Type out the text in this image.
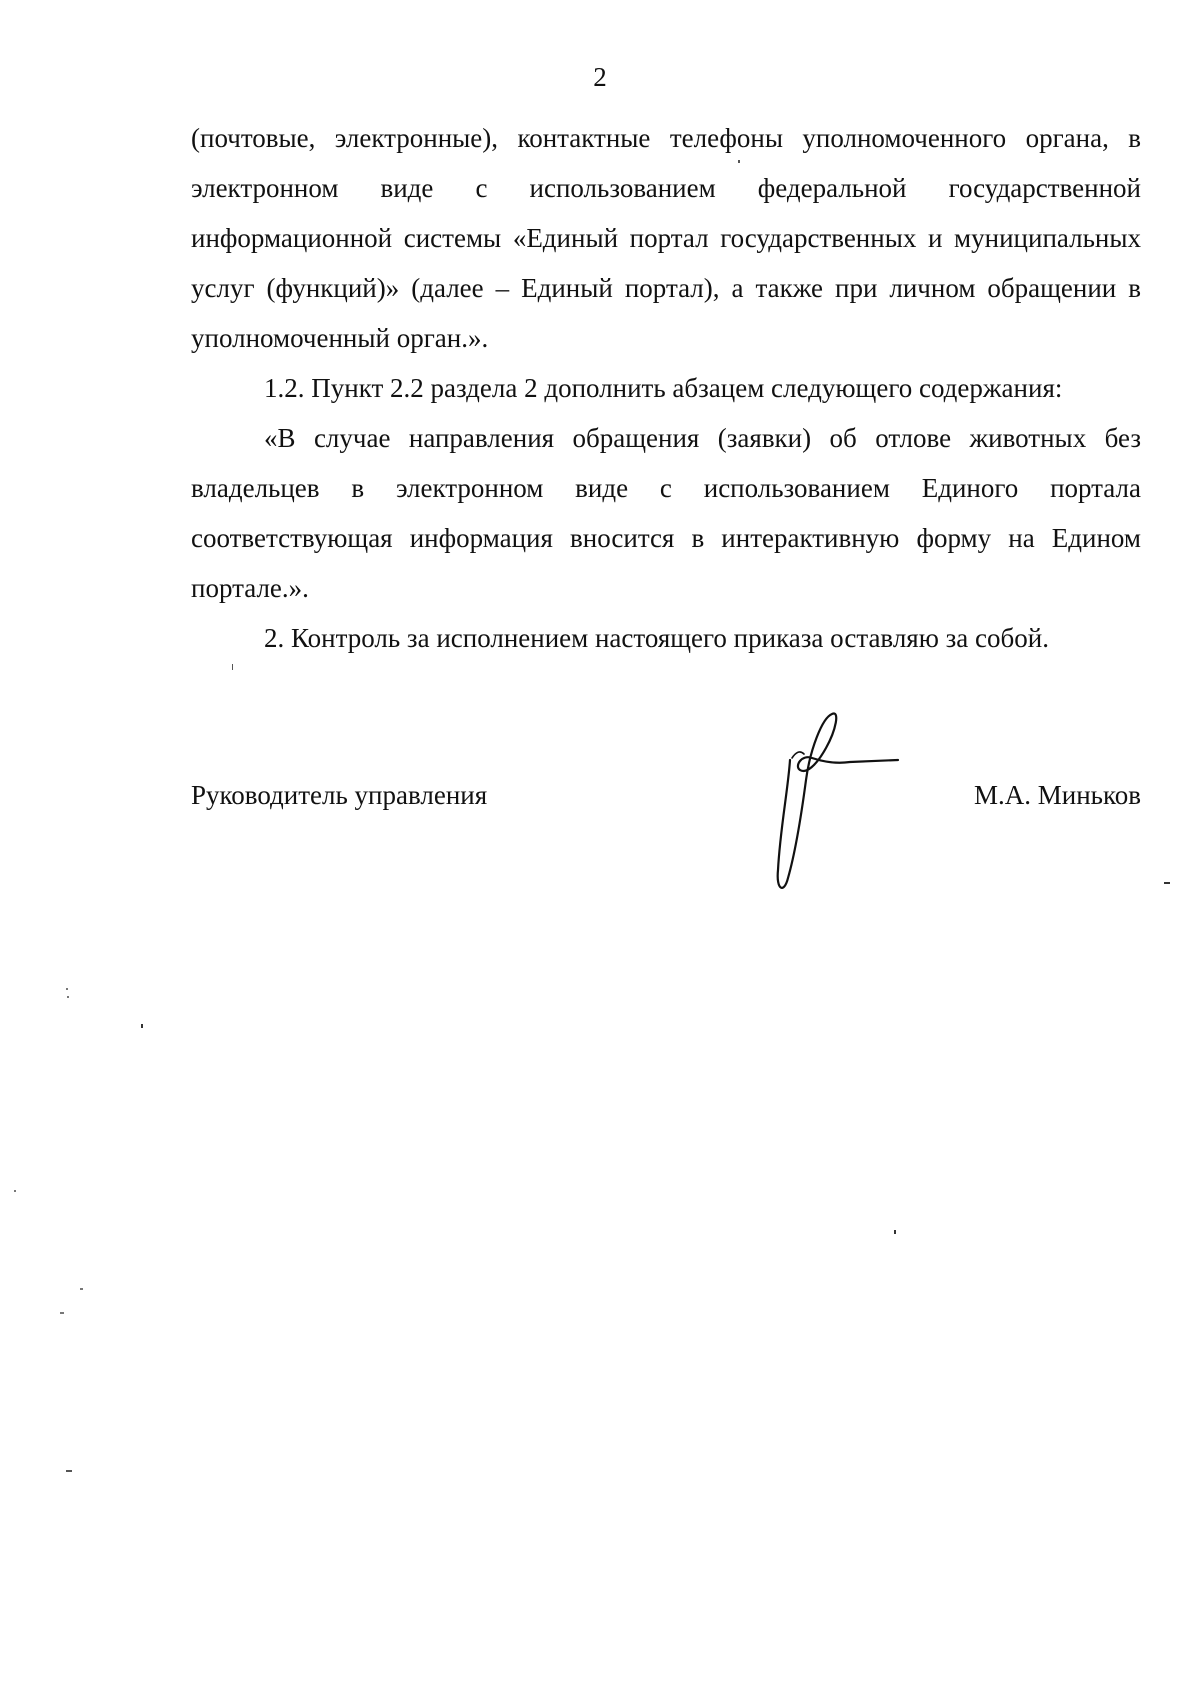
2

(почтовые, электронные), контактные телефоны уполномоченного органа, в электронном виде с использованием федеральной государственной информационной системы «Единый портал государственных и муниципальных услуг (функций)» (далее – Единый портал), а также при личном обращении в уполномоченный орган.».

1.2. Пункт 2.2 раздела 2 дополнить абзацем следующего содержания:

«В случае направления обращения (заявки) об отлове животных без владельцев в электронном виде с использованием Единого портала соответствующая информация вносится в интерактивную форму на Едином портале.».

2. Контроль за исполнением настоящего приказа оставляю за собой.

Руководитель управления	М.А. Миньков
